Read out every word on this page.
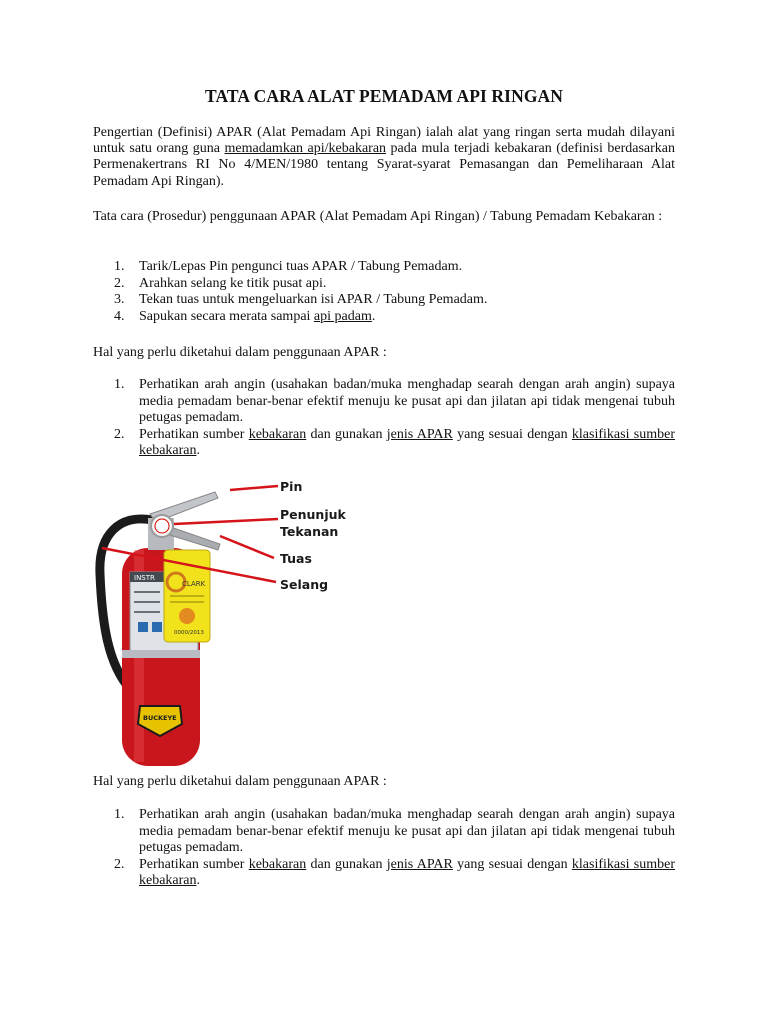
TATA CARA ALAT PEMADAM API RINGAN

Pengertian (Definisi) APAR (Alat Pemadam Api Ringan) ialah alat yang ringan serta mudah dilayani untuk satu orang guna memadamkan api/kebakaran pada mula terjadi kebakaran (definisi berdasarkan Permenakertrans RI No 4/MEN/1980 tentang Syarat-syarat Pemasangan dan Pemeliharaan Alat Pemadam Api Ringan).

Tata cara (Prosedur) penggunaan APAR (Alat Pemadam Api Ringan) / Tabung Pemadam Kebakaran :

1. Tarik/Lepas Pin pengunci tuas APAR / Tabung Pemadam.
2. Arahkan selang ke titik pusat api.
3. Tekan tuas untuk mengeluarkan isi APAR / Tabung Pemadam.
4. Sapukan secara merata sampai api padam.

Hal yang perlu diketahui dalam penggunaan APAR :

1. Perhatikan arah angin (usahakan badan/muka menghadap searah dengan arah angin) supaya media pemadam benar-benar efektif menuju ke pusat api dan jilatan api tidak mengenai tubuh petugas pemadam.
2. Perhatikan sumber kebakaran dan gunakan jenis APAR yang sesuai dengan klasifikasi sumber kebakaran.
INSTR
CLARK
0000/2013
BUCKEYE
Pin
Penunjuk
Tekanan
Tuas
Selang

Hal yang perlu diketahui dalam penggunaan APAR :

1. Perhatikan arah angin (usahakan badan/muka menghadap searah dengan arah angin) supaya media pemadam benar-benar efektif menuju ke pusat api dan jilatan api tidak mengenai tubuh petugas pemadam.
2. Perhatikan sumber kebakaran dan gunakan jenis APAR yang sesuai dengan klasifikasi sumber kebakaran.
